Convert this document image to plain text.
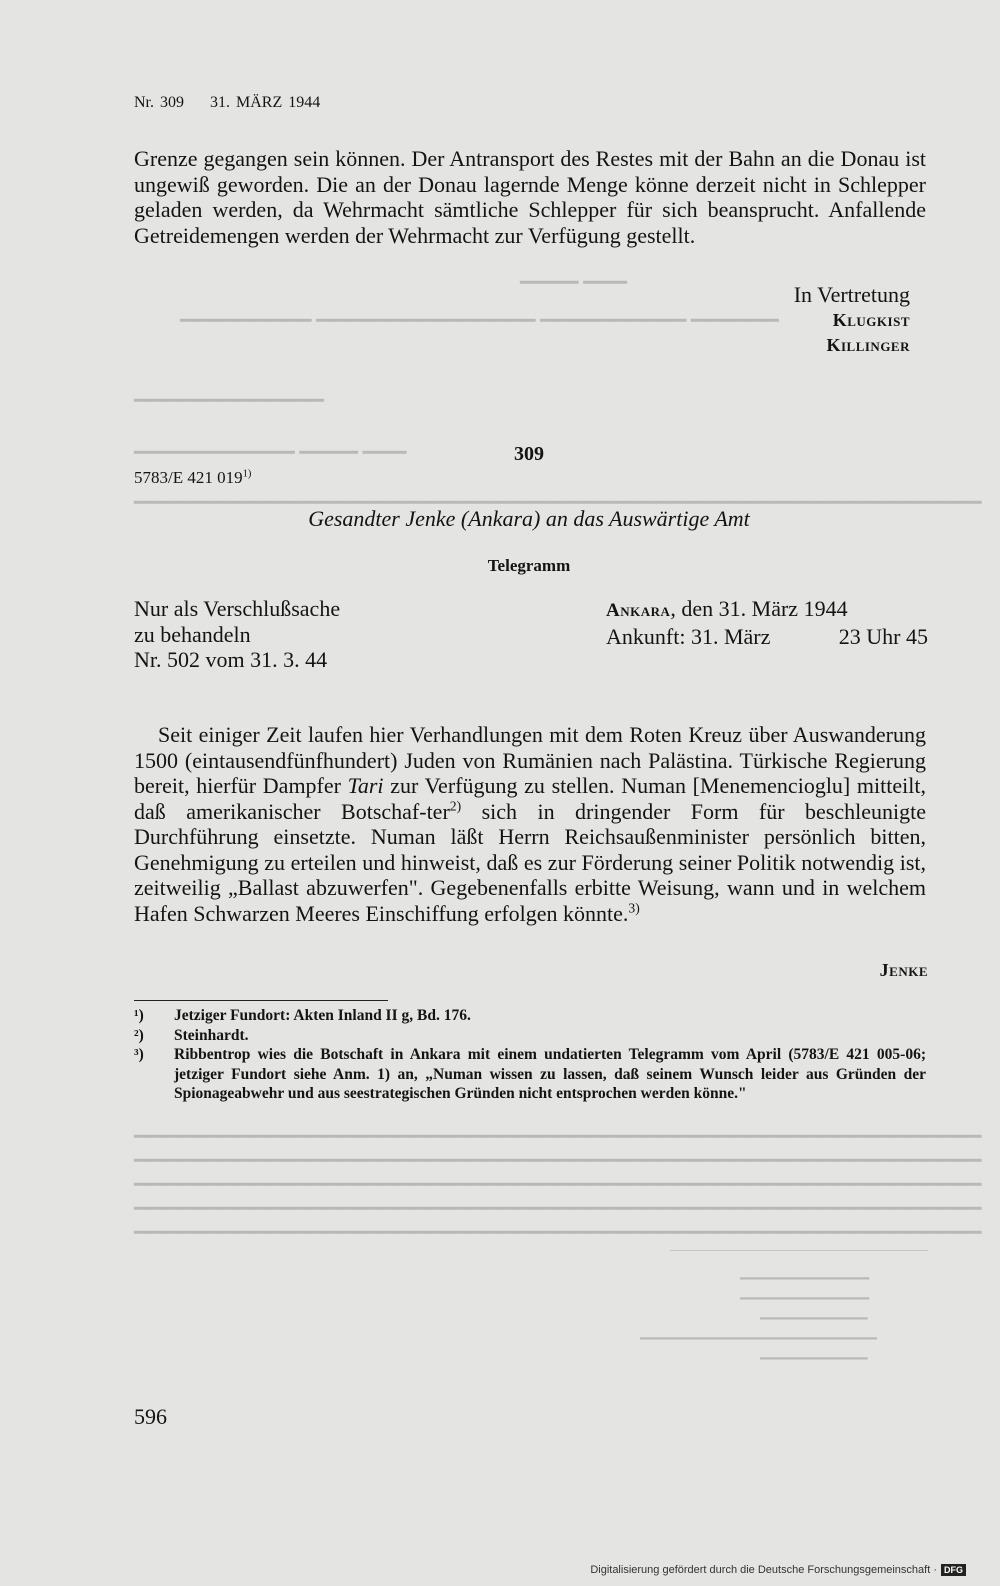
▁▁▁▁ ▁▁▁
▁▁▁▁▁▁▁▁▁ ▁▁▁▁▁▁▁▁▁▁▁▁▁▁▁ ▁▁▁▁▁▁▁▁▁▁ ▁▁▁▁▁▁
▁▁▁▁▁▁▁▁▁▁▁▁▁
▁▁▁▁▁▁▁▁▁▁▁ ▁▁▁▁ ▁▁▁
▁▁▁▁▁▁▁▁▁▁▁▁▁▁▁▁▁▁▁▁▁▁▁▁▁▁▁▁▁▁▁▁▁▁▁▁▁▁▁▁▁▁▁▁▁▁▁▁▁▁▁▁▁▁▁▁▁▁
▁▁▁▁▁▁▁▁▁▁▁▁▁▁▁▁▁▁▁▁▁▁▁▁▁▁▁▁▁▁▁▁▁▁▁▁▁▁▁▁▁▁▁▁▁▁▁▁▁▁▁▁▁▁▁▁▁▁
▁▁▁▁▁▁▁▁▁▁▁▁▁▁▁▁▁▁▁▁▁▁▁▁▁▁▁▁▁▁▁▁▁▁▁▁▁▁▁▁▁▁▁▁▁▁▁▁▁▁▁▁▁▁▁▁▁▁
▁▁▁▁▁▁▁▁▁▁▁▁▁▁▁▁▁▁▁▁▁▁▁▁▁▁▁▁▁▁▁▁▁▁▁▁▁▁▁▁▁▁▁▁▁▁▁▁▁▁▁▁▁▁▁▁▁▁
▁▁▁▁▁▁▁▁▁▁▁▁▁▁▁▁▁▁▁▁▁▁▁▁▁▁▁▁▁▁▁▁▁▁▁▁▁▁▁▁▁▁▁▁▁▁▁▁▁▁▁▁▁▁▁▁▁▁
▁▁▁▁▁▁▁▁▁▁▁▁▁▁▁▁▁▁▁▁▁▁▁▁▁▁▁▁▁▁▁▁▁▁▁▁▁▁▁▁▁▁▁▁▁▁▁▁▁▁▁▁▁▁▁▁▁▁
▁▁▁▁▁▁▁▁▁▁▁▁
▁▁▁▁▁▁▁▁▁▁▁▁
▁▁▁▁▁▁▁▁▁▁
▁▁▁▁▁▁▁▁▁▁▁▁▁▁▁▁▁▁▁▁▁▁
▁▁▁▁▁▁▁▁▁▁
Nr. 309 31. MÄRZ 1944

Grenze gegangen sein können. Der Antransport des Restes mit der Bahn an die Donau ist ungewiß geworden. Die an der Donau lagernde Menge könne derzeit nicht in Schlepper geladen werden, da Wehrmacht sämtliche Schlepper für sich beansprucht. Anfallende Getreidemengen werden der Wehrmacht zur Verfügung gestellt.

In Vertretung
Klugkist
Killinger
309
5783/E 421 019$^{1)}$
Gesandter Jenke (Ankara) an das Auswärtige Amt
Telegramm
Nur als Verschlußsache
zu behandeln
Nr. 502 vom 31. 3. 44
Ankara, den 31. März 1944
Ankunft: 31. März	23 Uhr 45

Seit einiger Zeit laufen hier Verhandlungen mit dem Roten Kreuz über Auswanderung 1500 (eintausendfünfhundert) Juden von Rumänien nach Palästina. Türkische Regierung bereit, hierfür Dampfer Tari zur Verfügung zu stellen. Numan [Menemencioglu] mitteilt, daß amerikanischer Botschaf-ter$^{2)}$ sich in dringender Form für beschleunigte Durchführung einsetzte. Numan läßt Herrn Reichsaußenminister persönlich bitten, Genehmigung zu erteilen und hinweist, daß es zur Förderung seiner Politik notwendig ist, zeitweilig „Ballast abzuwerfen". Gegebenenfalls erbitte Weisung, wann und in welchem Hafen Schwarzen Meeres Einschiffung erfolgen könnte.$^{3)}$

Jenke
¹)	Jetziger Fundort: Akten Inland II g, Bd. 176.
²)	Steinhardt.
³)	Ribbentrop wies die Botschaft in Ankara mit einem undatierten Telegramm vom April (5783/E 421 005-06; jetziger Fundort siehe Anm. 1) an, „Numan wissen zu lassen, daß seinem Wunsch leider aus Gründen der Spionageabwehr und aus seestrategischen Gründen nicht entsprochen werden könne."
596
Digitalisierung gefördert durch die Deutsche Forschungsgemeinschaft · DFG
